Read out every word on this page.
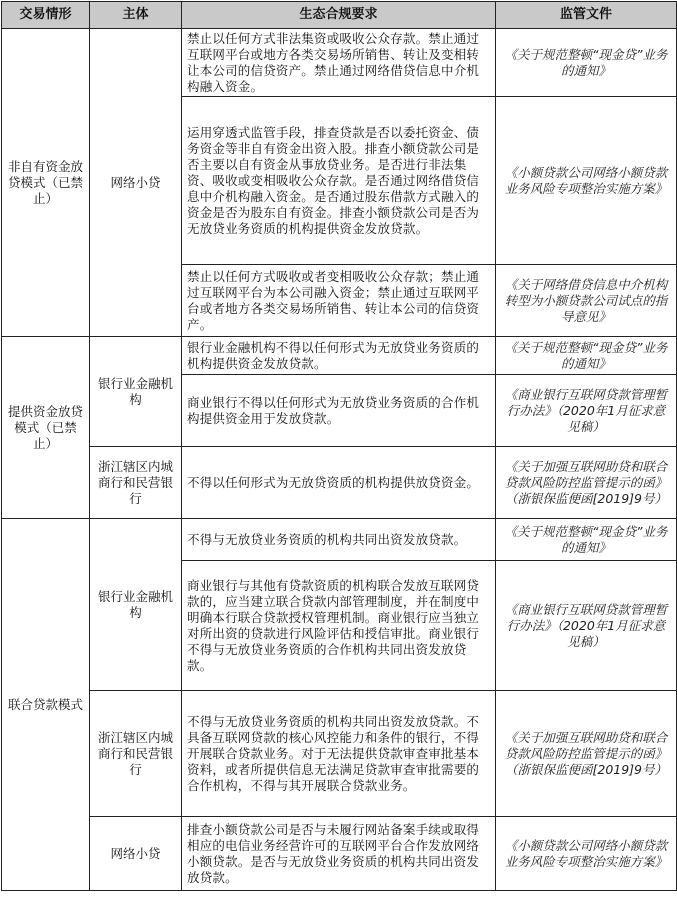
交易情形	主体	生态合规要求	监管文件
非自有资金放贷模式（已禁止）	网络小贷	禁止以任何方式非法集资或吸收公众存款。禁止通过互联网平台或地方各类交易场所销售、转让及变相转让本公司的信贷资产。禁止通过网络借贷信息中介机构融入资金。	《关于规范整顿“现金贷”业务的通知》
		运用穿透式监管手段，排查贷款是否以委托资金、债务资金等非自有资金出资入股。排查小额贷款公司是否主要以自有资金从事放贷业务。是否进行非法集资、吸收或变相吸收公众存款。是否通过网络借贷信息中介机构融入资金。是否通过股东借款方式融入的资金是否为股东自有资金。排查小额贷款公司是否为无放贷业务资质的机构提供资金发放贷款。	《小额贷款公司网络小额贷款业务风险专项整治实施方案》
		禁止以任何方式吸收或者变相吸收公众存款；禁止通过互联网平台为本公司融入资金；禁止通过互联网平台或者地方各类交易场所销售、转让本公司的信贷资产。	《关于网络借贷信息中介机构转型为小额贷款公司试点的指导意见》
提供资金放贷模式（已禁止）	银行业金融机构	银行业金融机构不得以任何形式为无放贷业务资质的机构提供资金发放贷款。	《关于规范整顿“现金贷”业务的通知》
		商业银行不得以任何形式为无放贷业务资质的合作机构提供资金用于发放贷款。	《商业银行互联网贷款管理暂行办法》（2020年1月征求意见稿）
	浙江辖区内城商行和民营银行	不得以任何形式为无放贷资质的机构提供放贷资金。	《关于加强互联网助贷和联合贷款风险防控监管提示的函》（浙银保监便函[2019]9号）
联合贷款模式	银行业金融机构	不得与无放贷业务资质的机构共同出资发放贷款。	《关于规范整顿“现金贷”业务的通知》
		商业银行与其他有贷款资质的机构联合发放互联网贷款的，应当建立联合贷款内部管理制度，并在制度中明确本行联合贷款授权管理机制。商业银行应当独立对所出资的贷款进行风险评估和授信审批。商业银行不得与无放贷业务资质的合作机构共同出资发放贷款。	《商业银行互联网贷款管理暂行办法》（2020年1月征求意见稿）
	浙江辖区内城商行和民营银行	不得与无放贷业务资质的机构共同出资发放贷款。不具备互联网贷款的核心风控能力和条件的银行，不得开展联合贷款业务。对于无法提供贷款审查审批基本资料，或者所提供信息无法满足贷款审查审批需要的合作机构，不得与其开展联合贷款业务。	《关于加强互联网助贷和联合贷款风险防控监管提示的函》（浙银保监便函[2019]9号）
	网络小贷	排查小额贷款公司是否与未履行网站备案手续或取得相应的电信业务经营许可的互联网平台合作发放网络小额贷款。是否与无放贷业务资质的机构共同出资发放贷款。	《小额贷款公司网络小额贷款业务风险专项整治实施方案》
